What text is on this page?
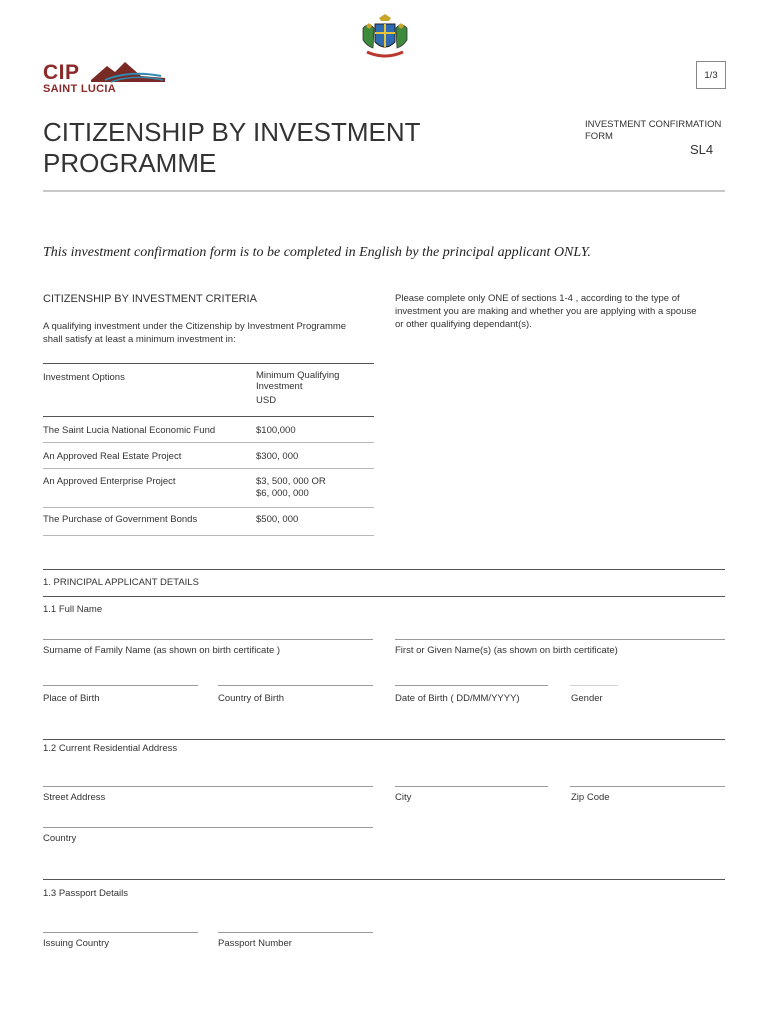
1/3
CIP
SAINT LUCIA
CITIZENSHIP BY INVESTMENT
PROGRAMME
INVESTMENT CONFIRMATION
FORM
SL4
This investment confirmation form is to be completed in English by the principal applicant ONLY.
CITIZENSHIP BY INVESTMENT CRITERIA
A qualifying investment under the Citizenship by Investment Programme
shall satisfy at least a minimum investment in:
Please complete only ONE of sections 1-4 , according to the type of
investment you are making and whether you are applying with a spouse
or other qualifying dependant(s).
Investment Options	Minimum Qualifying
Investment
USD
The Saint Lucia National Economic Fund	$100,000
An Approved Real Estate Project	$300, 000
An Approved Enterprise Project	$3, 500, 000 OR
$6, 000, 000
The Purchase of Government Bonds	$500, 000
1. PRINCIPAL APPLICANT DETAILS
1.1 Full Name
Surname of Family Name (as shown on birth certificate )	First or Given Name(s) (as shown on birth certificate)
Place of Birth	Country of Birth	Date of Birth ( DD/MM/YYYY)	Gender
1.2 Current Residential Address
Street Address	City	Zip Code
Country
1.3 Passport Details
Issuing Country	Passport Number
